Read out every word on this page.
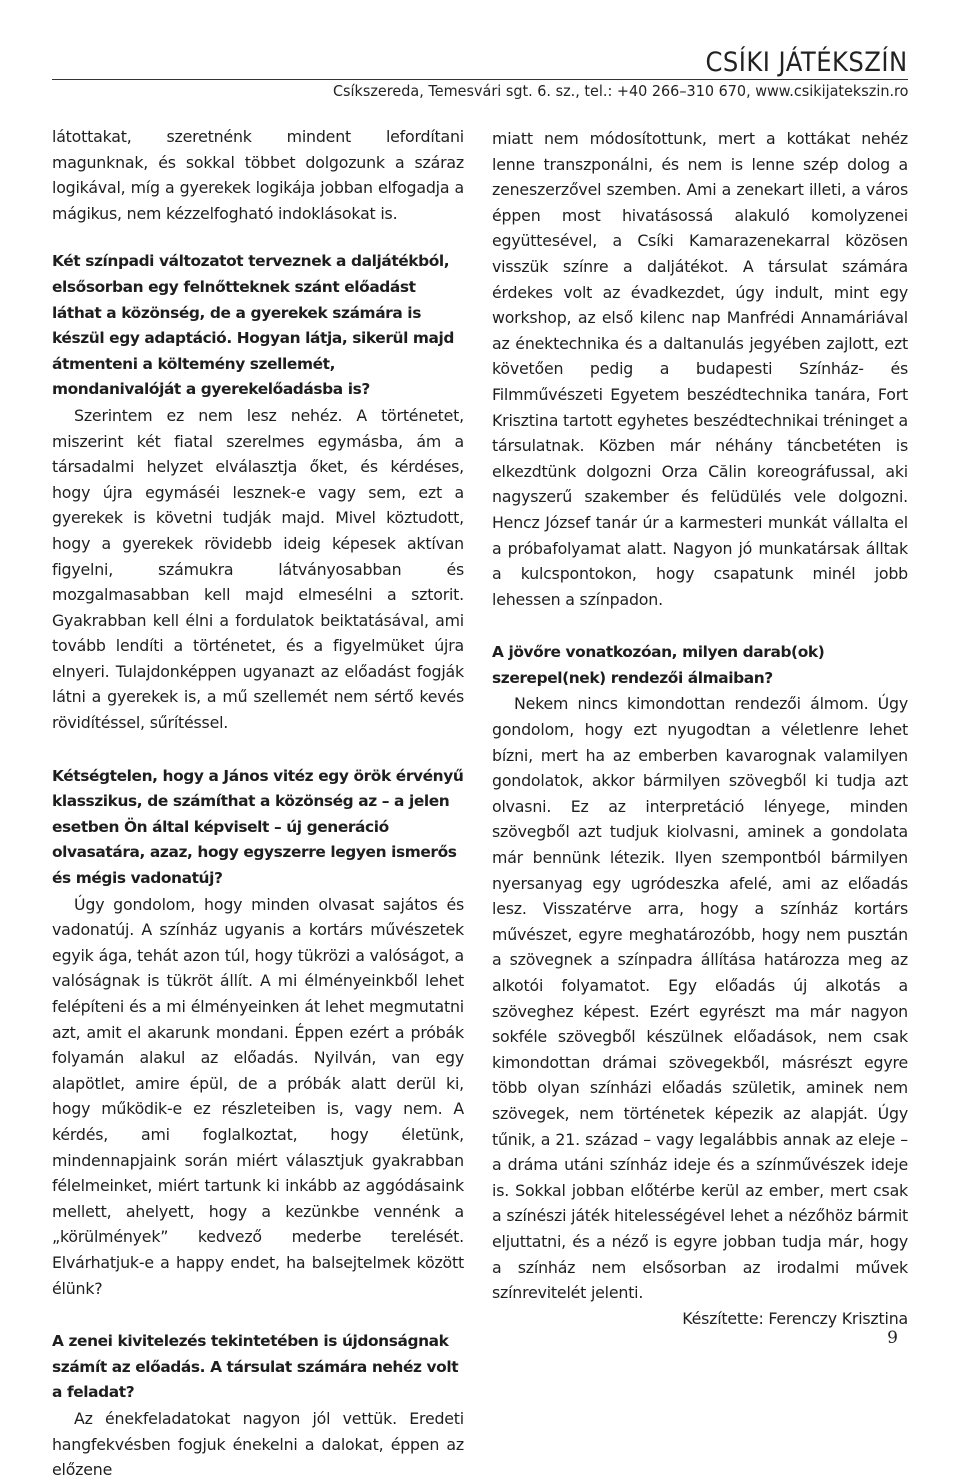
CSÍKI JÁTÉKSZÍN
Csíkszereda, Temesvári sgt. 6. sz., tel.: +40 266–310 670, www.csikijatekszin.ro

látottakat, szeretnénk mindent lefordítani magunknak, és sokkal többet dolgozunk a száraz logikával, míg a gyerekek logikája jobban elfogadja a mágikus, nem kézzelfogható indoklásokat is.

Két színpadi változatot terveznek a daljátékból, elsősorban egy felnőtteknek szánt előadást láthat a közönség, de a gyerekek számára is készül egy adaptáció. Hogyan látja, sikerül majd átmenteni a költemény szellemét, mondanivalóját a gyerekelőadásba is?

Szerintem ez nem lesz nehéz. A történetet, miszerint két fiatal szerelmes egymásba, ám a társadalmi helyzet elválasztja őket, és kérdéses, hogy újra egymáséi lesznek-e vagy sem, ezt a gyerekek is követni tudják majd. Mivel köztudott, hogy a gyerekek rövidebb ideig képesek aktívan figyelni, számukra látványosabban és mozgalmasabban kell majd elmesélni a sztorit. Gyakrabban kell élni a fordulatok beiktatásával, ami tovább lendíti a történetet, és a figyelmüket újra elnyeri. Tulajdonképpen ugyanazt az előadást fogják látni a gyerekek is, a mű szellemét nem sértő kevés rövidítéssel, sűrítéssel.

Kétségtelen, hogy a János vitéz egy örök érvényű klasszikus, de számíthat a közönség az – a jelen esetben Ön által képviselt – új generáció olvasatára, azaz, hogy egyszerre legyen ismerős és mégis vadonatúj?

Úgy gondolom, hogy minden olvasat sajátos és vadonatúj. A színház ugyanis a kortárs művészetek egyik ága, tehát azon túl, hogy tükrözi a valóságot, a valóságnak is tükröt állít. A mi élményeinkből lehet felépíteni és a mi élményeinken át lehet megmutatni azt, amit el akarunk mondani. Éppen ezért a próbák folyamán alakul az előadás. Nyilván, van egy alapötlet, amire épül, de a próbák alatt derül ki, hogy működik-e ez részleteiben is, vagy nem. A kérdés, ami foglalkoztat, hogy életünk, mindennapjaink során miért választjuk gyakrabban félelmeinket, miért tartunk ki inkább az aggódásaink mellett, ahelyett, hogy a kezünkbe vennénk a „körülmények” kedvező mederbe terelését. Elvárhatjuk-e a happy endet, ha balsejtelmek között élünk?

A zenei kivitelezés tekintetében is újdonságnak számít az előadás. A társulat számára nehéz volt a feladat?

Az énekfeladatokat nagyon jól vettük. Eredeti hangfekvésben fogjuk énekelni a dalokat, éppen az előzene

miatt nem módosítottunk, mert a kottákat nehéz lenne transzponálni, és nem is lenne szép dolog a zeneszerzővel szemben. Ami a zenekart illeti, a város éppen most hivatásossá alakuló komolyzenei együttesével, a Csíki Kamarazenekarral közösen visszük színre a daljátékot. A társulat számára érdekes volt az évadkezdet, úgy indult, mint egy workshop, az első kilenc nap Manfrédi Annamáriával az énektechnika és a daltanulás jegyében zajlott, ezt követően pedig a budapesti Színház- és Filmművészeti Egyetem beszédtechnika tanára, Fort Krisztina tartott egyhetes beszédtechnikai tréninget a társulatnak. Közben már néhány táncbetéten is elkezdtünk dolgozni Orza Călin koreográfussal, aki nagyszerű szakember és felüdülés vele dolgozni. Hencz József tanár úr a karmesteri munkát vállalta el a próbafolyamat alatt. Nagyon jó munkatársak álltak a kulcspontokon, hogy csapatunk minél jobb lehessen a színpadon.

A jövőre vonatkozóan, milyen darab(ok) szerepel(nek) rendezői álmaiban?

Nekem nincs kimondottan rendezői álmom. Úgy gondolom, hogy ezt nyugodtan a véletlenre lehet bízni, mert ha az emberben kavarognak valamilyen gondolatok, akkor bármilyen szövegből ki tudja azt olvasni. Ez az interpretáció lényege, minden szövegből azt tudjuk kiolvasni, aminek a gondolata már bennünk létezik. Ilyen szempontból bármilyen nyersanyag egy ugródeszka afelé, ami az előadás lesz. Visszatérve arra, hogy a színház kortárs művészet, egyre meghatározóbb, hogy nem pusztán a szövegnek a színpadra állítása határozza meg az alkotói folyamatot. Egy előadás új alkotás a szöveghez képest. Ezért egyrészt ma már nagyon sokféle szövegből készülnek előadások, nem csak kimondottan drámai szövegekből, másrészt egyre több olyan színházi előadás születik, aminek nem szövegek, nem történetek képezik az alapját. Úgy tűnik, a 21. század – vagy legalábbis annak az eleje – a dráma utáni színház ideje és a színművészek ideje is. Sokkal jobban előtérbe kerül az ember, mert csak a színészi játék hitelességével lehet a nézőhöz bármit eljuttatni, és a néző is egyre jobban tudja már, hogy a színház nem elsősorban az irodalmi művek színrevitelét jelenti.

Készítette: Ferenczy Krisztina

9
